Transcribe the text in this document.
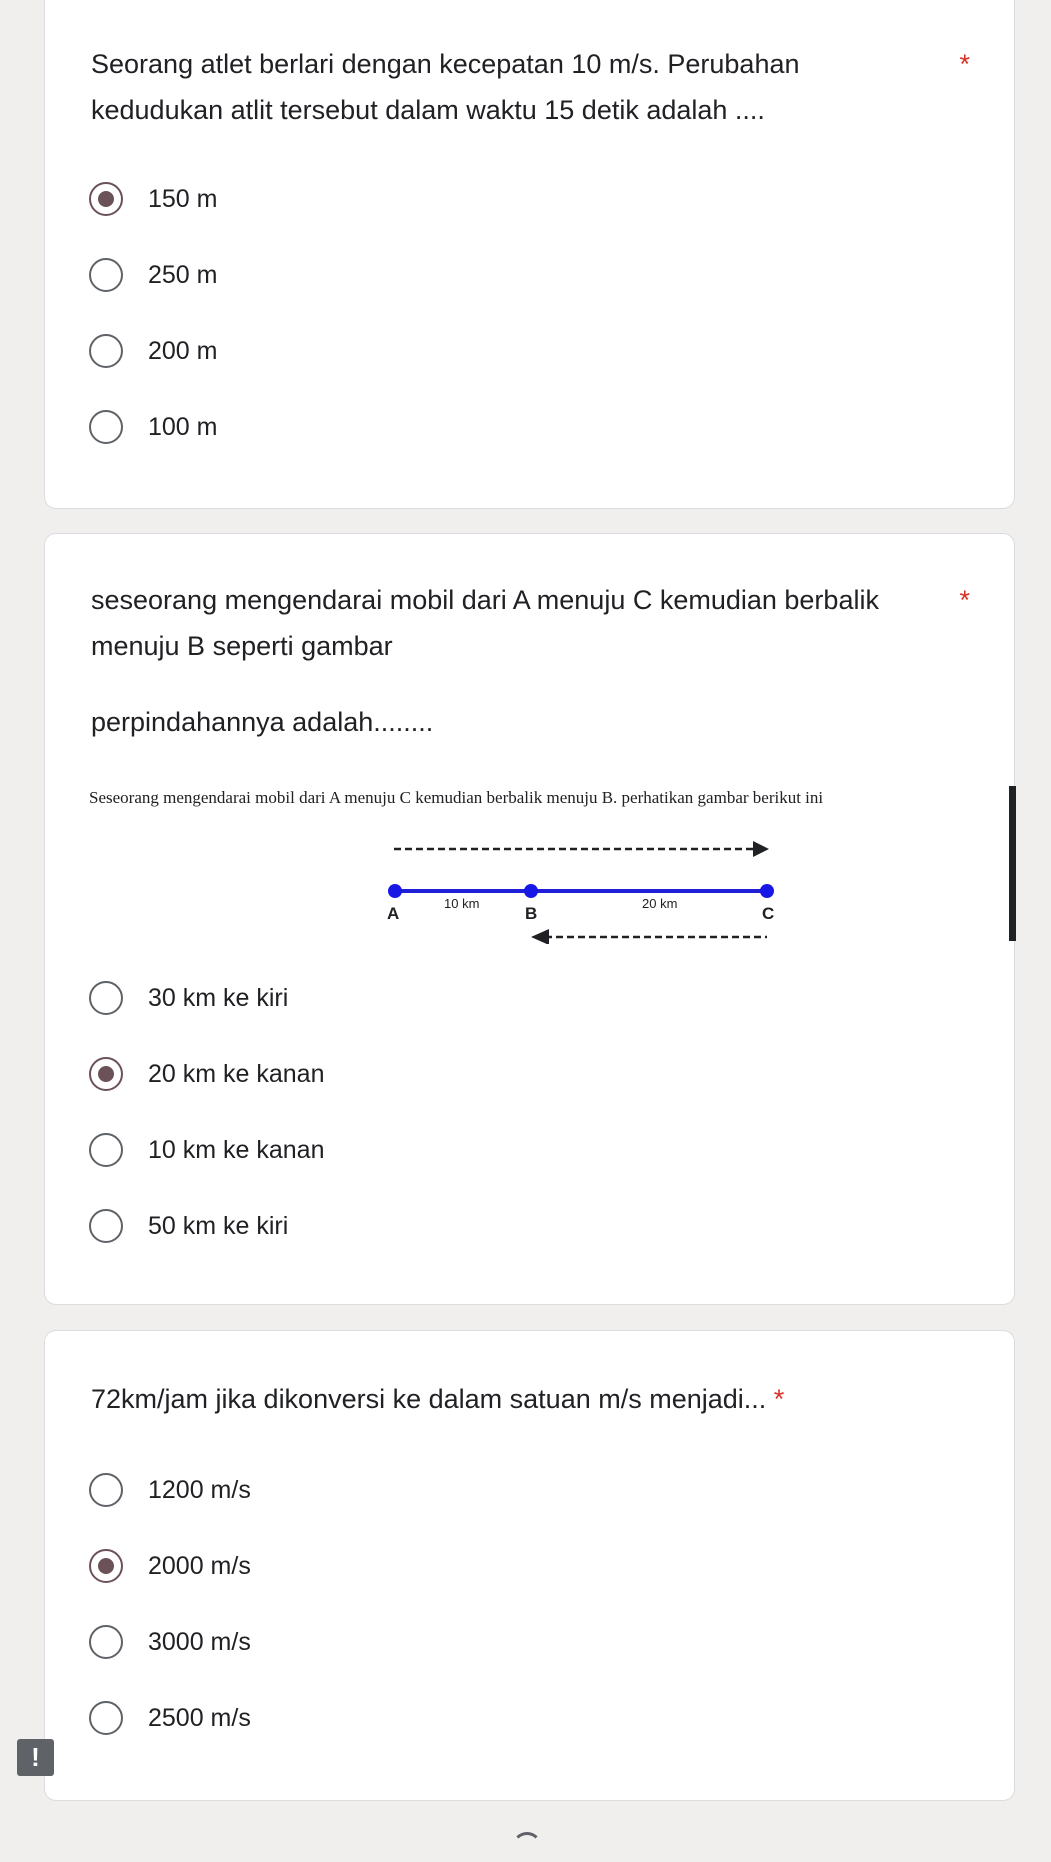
Seorang atlet berlari dengan kecepatan 10 m/s. Perubahan kedudukan atlit tersebut dalam waktu 15 detik adalah ....

*
150 m
250 m
200 m
100 m

seseorang mengendarai mobil dari A menuju C kemudian berbalik menuju B seperti gambar

*

perpindahannya adalah........

Seseorang mengendarai mobil dari A menuju C kemudian berbalik menuju B. perhatikan gambar berikut ini
A	B	C
10 km	20 km
30 km ke kiri
20 km ke kanan
10 km ke kanan
50 km ke kiri

72km/jam jika dikonversi ke dalam satuan m/s menjadi... *

1200 m/s
2000 m/s
3000 m/s
2500 m/s
!
